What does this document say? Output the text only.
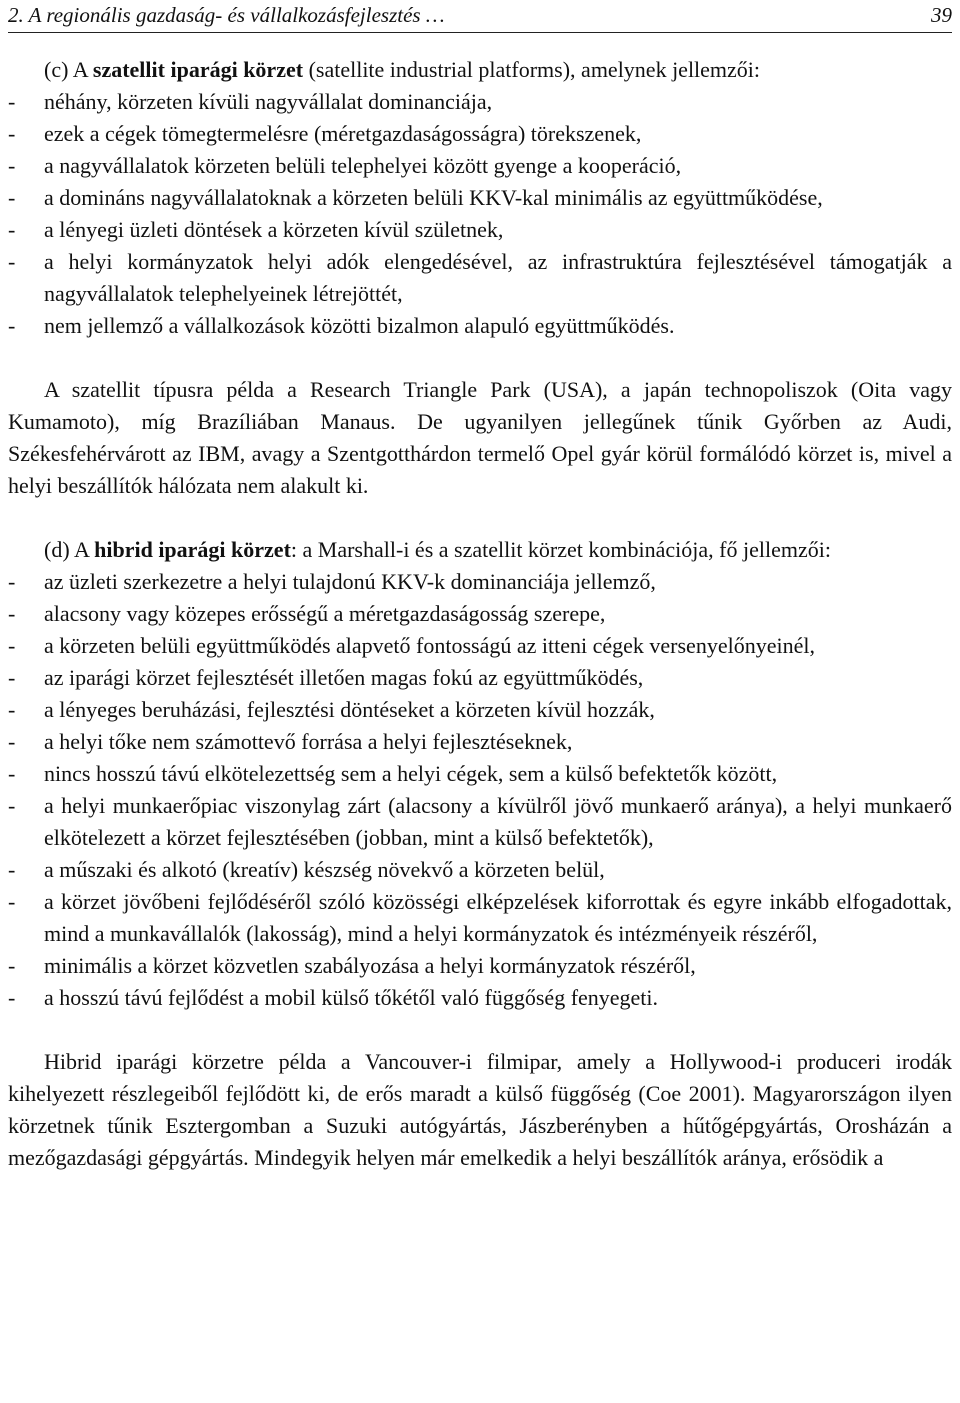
2. A regionális gazdaság- és vállalkozásfejlesztés …	39

(c) A szatellit iparági körzet (satellite industrial platforms), amelynek jellemzői:

-	néhány, körzeten kívüli nagyvállalat dominanciája,
-	ezek a cégek tömegtermelésre (méretgazdaságosságra) törekszenek,
-	a nagyvállalatok körzeten belüli telephelyei között gyenge a kooperáció,
-	a domináns nagyvállalatoknak a körzeten belüli KKV-kal minimális az együttműködése,
-	a lényegi üzleti döntések a körzeten kívül születnek,
-	a helyi kormányzatok helyi adók elengedésével, az infrastruktúra fejlesztésével támogatják a nagyvállalatok telephelyeinek létrejöttét,
-	nem jellemző a vállalkozások közötti bizalmon alapuló együttműködés.

A szatellit típusra példa a Research Triangle Park (USA), a japán technopoliszok (Oita vagy Kumamoto), míg Brazíliában Manaus. De ugyanilyen jellegűnek tűnik Győrben az Audi, Székesfehérvárott az IBM, avagy a Szentgotthárdon termelő Opel gyár körül formálódó körzet is, mivel a helyi beszállítók hálózata nem alakult ki.

(d) A hibrid iparági körzet: a Marshall-i és a szatellit körzet kombinációja, fő jellemzői:

-	az üzleti szerkezetre a helyi tulajdonú KKV-k dominanciája jellemző,
-	alacsony vagy közepes erősségű a méretgazdaságosság szerepe,
-	a körzeten belüli együttműködés alapvető fontosságú az itteni cégek versenyelőnyeinél,
-	az iparági körzet fejlesztését illetően magas fokú az együttműködés,
-	a lényeges beruházási, fejlesztési döntéseket a körzeten kívül hozzák,
-	a helyi tőke nem számottevő forrása a helyi fejlesztéseknek,
-	nincs hosszú távú elkötelezettség sem a helyi cégek, sem a külső befektetők között,
-	a helyi munkaerőpiac viszonylag zárt (alacsony a kívülről jövő munkaerő aránya), a helyi munkaerő elkötelezett a körzet fejlesztésében (jobban, mint a külső befektetők),
-	a műszaki és alkotó (kreatív) készség növekvő a körzeten belül,
-	a körzet jövőbeni fejlődéséről szóló közösségi elképzelések kiforrottak és egyre inkább elfogadottak, mind a munkavállalók (lakosság), mind a helyi kormányzatok és intézményeik részéről,
-	minimális a körzet közvetlen szabályozása a helyi kormányzatok részéről,
-	a hosszú távú fejlődést a mobil külső tőkétől való függőség fenyegeti.

Hibrid iparági körzetre példa a Vancouver-i filmipar, amely a Hollywood-i produceri irodák kihelyezett részlegeiből fejlődött ki, de erős maradt a külső függőség (Coe 2001). Magyarországon ilyen körzetnek tűnik Esztergomban a Suzuki autógyártás, Jászberényben a hűtőgépgyártás, Orosházán a mezőgazdasági gépgyártás. Mindegyik helyen már emelkedik a helyi beszállítók aránya, erősödik a
